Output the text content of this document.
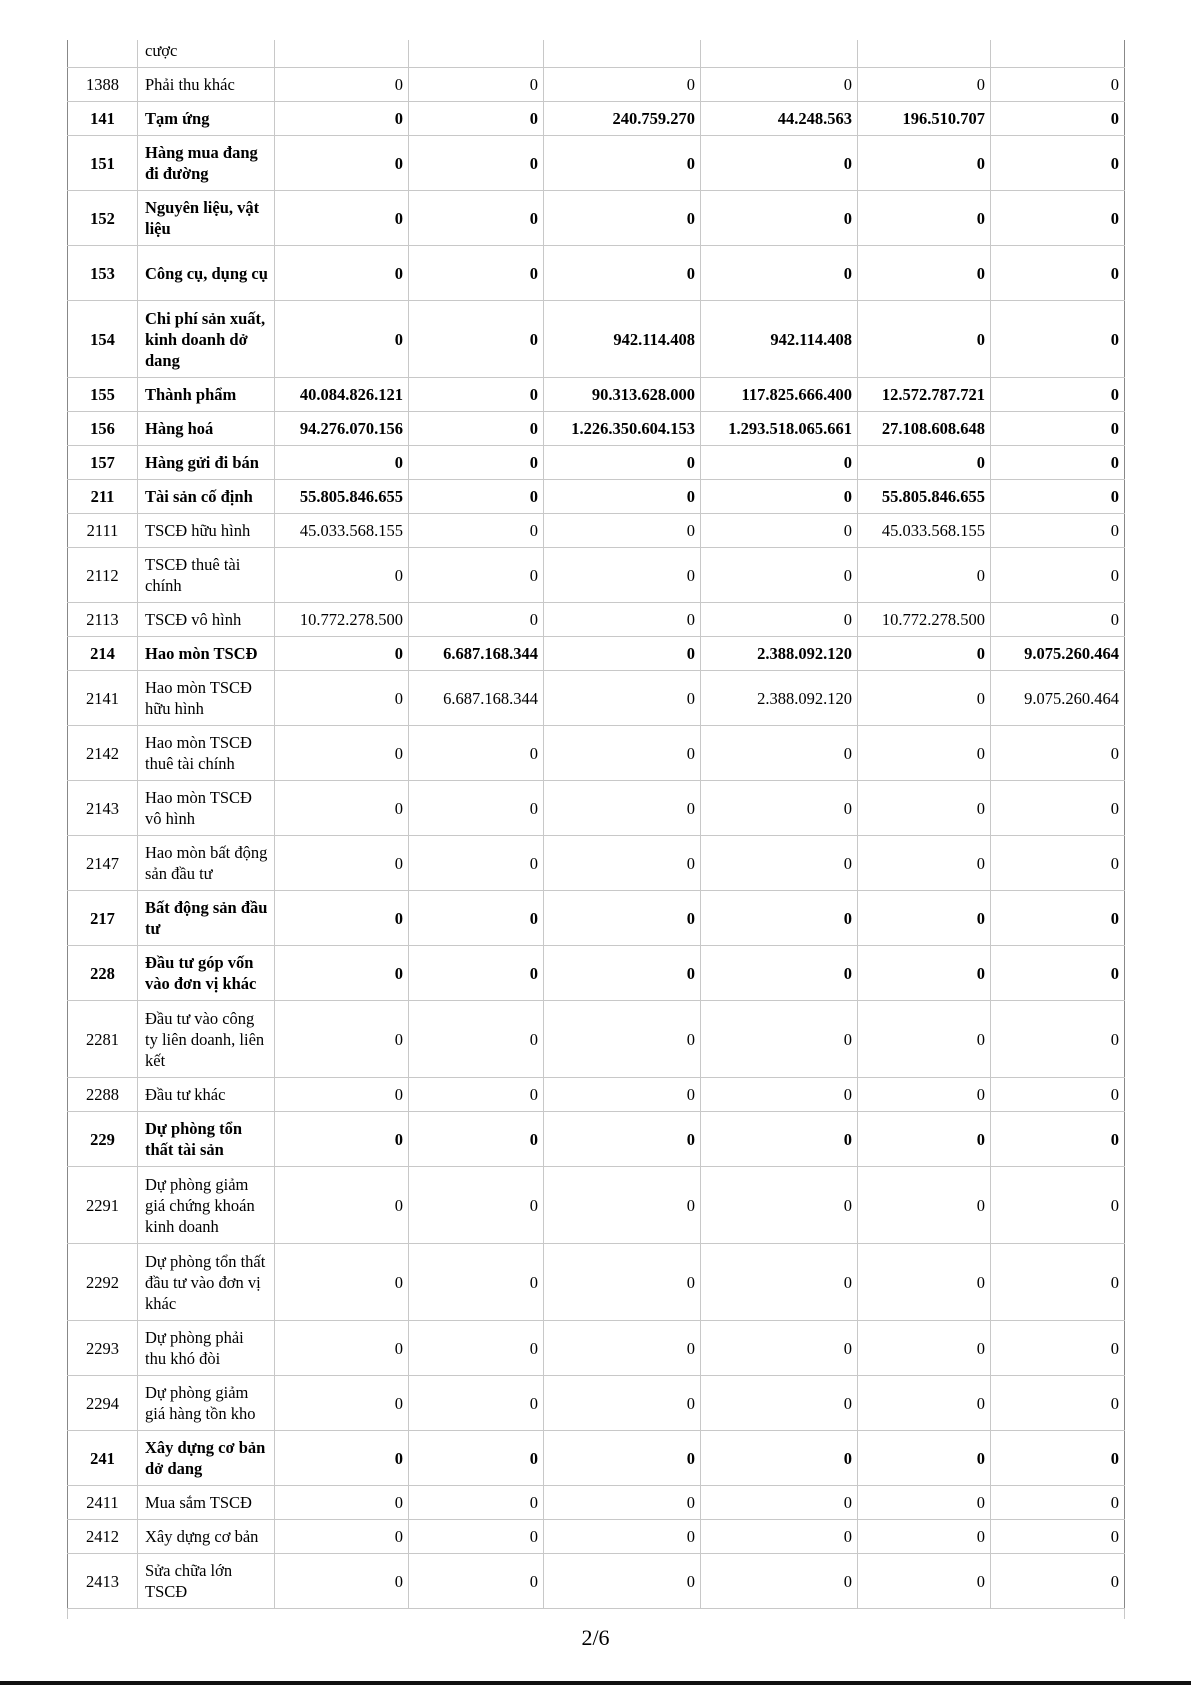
	cược						
1388	Phải thu khác	0	0	0	0	0	0
141	Tạm ứng	0	0	240.759.270	44.248.563	196.510.707	0
151	Hàng mua đang đi đường	0	0	0	0	0	0
152	Nguyên liệu, vật liệu	0	0	0	0	0	0
153	Công cụ, dụng cụ	0	0	0	0	0	0
154	Chi phí sản xuất, kinh doanh dở dang	0	0	942.114.408	942.114.408	0	0
155	Thành phẩm	40.084.826.121	0	90.313.628.000	117.825.666.400	12.572.787.721	0
156	Hàng hoá	94.276.070.156	0	1.226.350.604.153	1.293.518.065.661	27.108.608.648	0
157	Hàng gửi đi bán	0	0	0	0	0	0
211	Tài sản cố định	55.805.846.655	0	0	0	55.805.846.655	0
2111	TSCĐ hữu hình	45.033.568.155	0	0	0	45.033.568.155	0
2112	TSCĐ thuê tài chính	0	0	0	0	0	0
2113	TSCĐ vô hình	10.772.278.500	0	0	0	10.772.278.500	0
214	Hao mòn TSCĐ	0	6.687.168.344	0	2.388.092.120	0	9.075.260.464
2141	Hao mòn TSCĐ hữu hình	0	6.687.168.344	0	2.388.092.120	0	9.075.260.464
2142	Hao mòn TSCĐ thuê tài chính	0	0	0	0	0	0
2143	Hao mòn TSCĐ vô hình	0	0	0	0	0	0
2147	Hao mòn bất động sản đầu tư	0	0	0	0	0	0
217	Bất động sản đầu tư	0	0	0	0	0	0
228	Đầu tư góp vốn vào đơn vị khác	0	0	0	0	0	0
2281	Đầu tư vào công ty liên doanh, liên kết	0	0	0	0	0	0
2288	Đầu tư khác	0	0	0	0	0	0
229	Dự phòng tổn thất tài sản	0	0	0	0	0	0
2291	Dự phòng giảm giá chứng khoán kinh doanh	0	0	0	0	0	0
2292	Dự phòng tổn thất đầu tư vào đơn vị khác	0	0	0	0	0	0
2293	Dự phòng phải thu khó đòi	0	0	0	0	0	0
2294	Dự phòng giảm giá hàng tồn kho	0	0	0	0	0	0
241	Xây dựng cơ bản dở dang	0	0	0	0	0	0
2411	Mua sắm TSCĐ	0	0	0	0	0	0
2412	Xây dựng cơ bản	0	0	0	0	0	0
2413	Sửa chữa lớn TSCĐ	0	0	0	0	0	0
2/6
